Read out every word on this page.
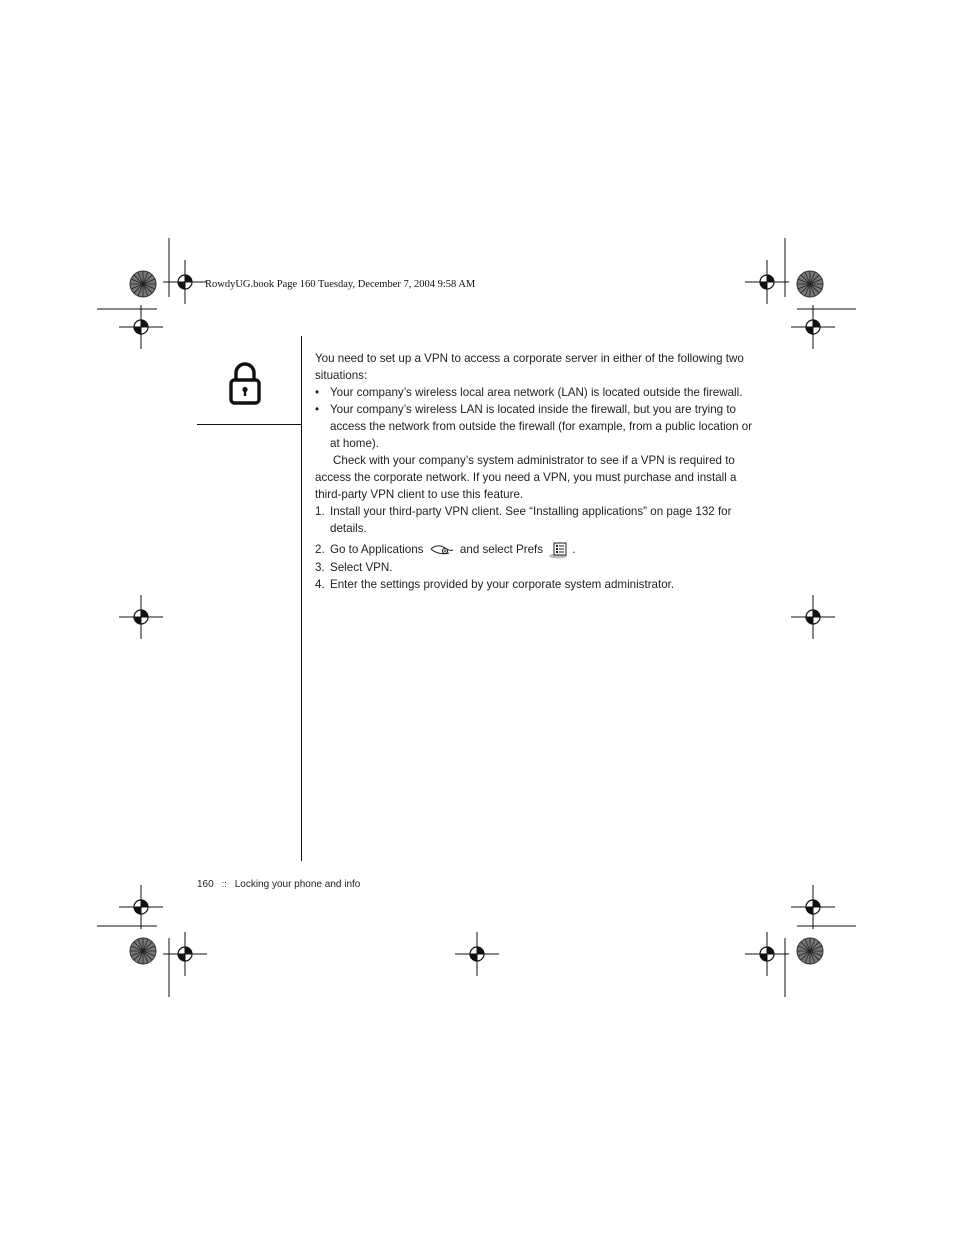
RowdyUG.book Page 160 Tuesday, December 7, 2004 9:58 AM

You need to set up a VPN to access a corporate server in either of the following two situations:

• Your company’s wireless local area network (LAN) is located outside the firewall.
• Your company’s wireless LAN is located inside the firewall, but you are trying to access the network from outside the firewall (for example, from a public location or at home).

Check with your company’s system administrator to see if a VPN is required to access the corporate network. If you need a VPN, you must purchase and install a third-party VPN client to use this feature.

1. Install your third-party VPN client. See “Installing applications” on page 132 for details.
2. Go to Applications	and select Prefs	.
3. Select VPN.
4. Enter the settings provided by your corporate system administrator.
160 :: Locking your phone and info
